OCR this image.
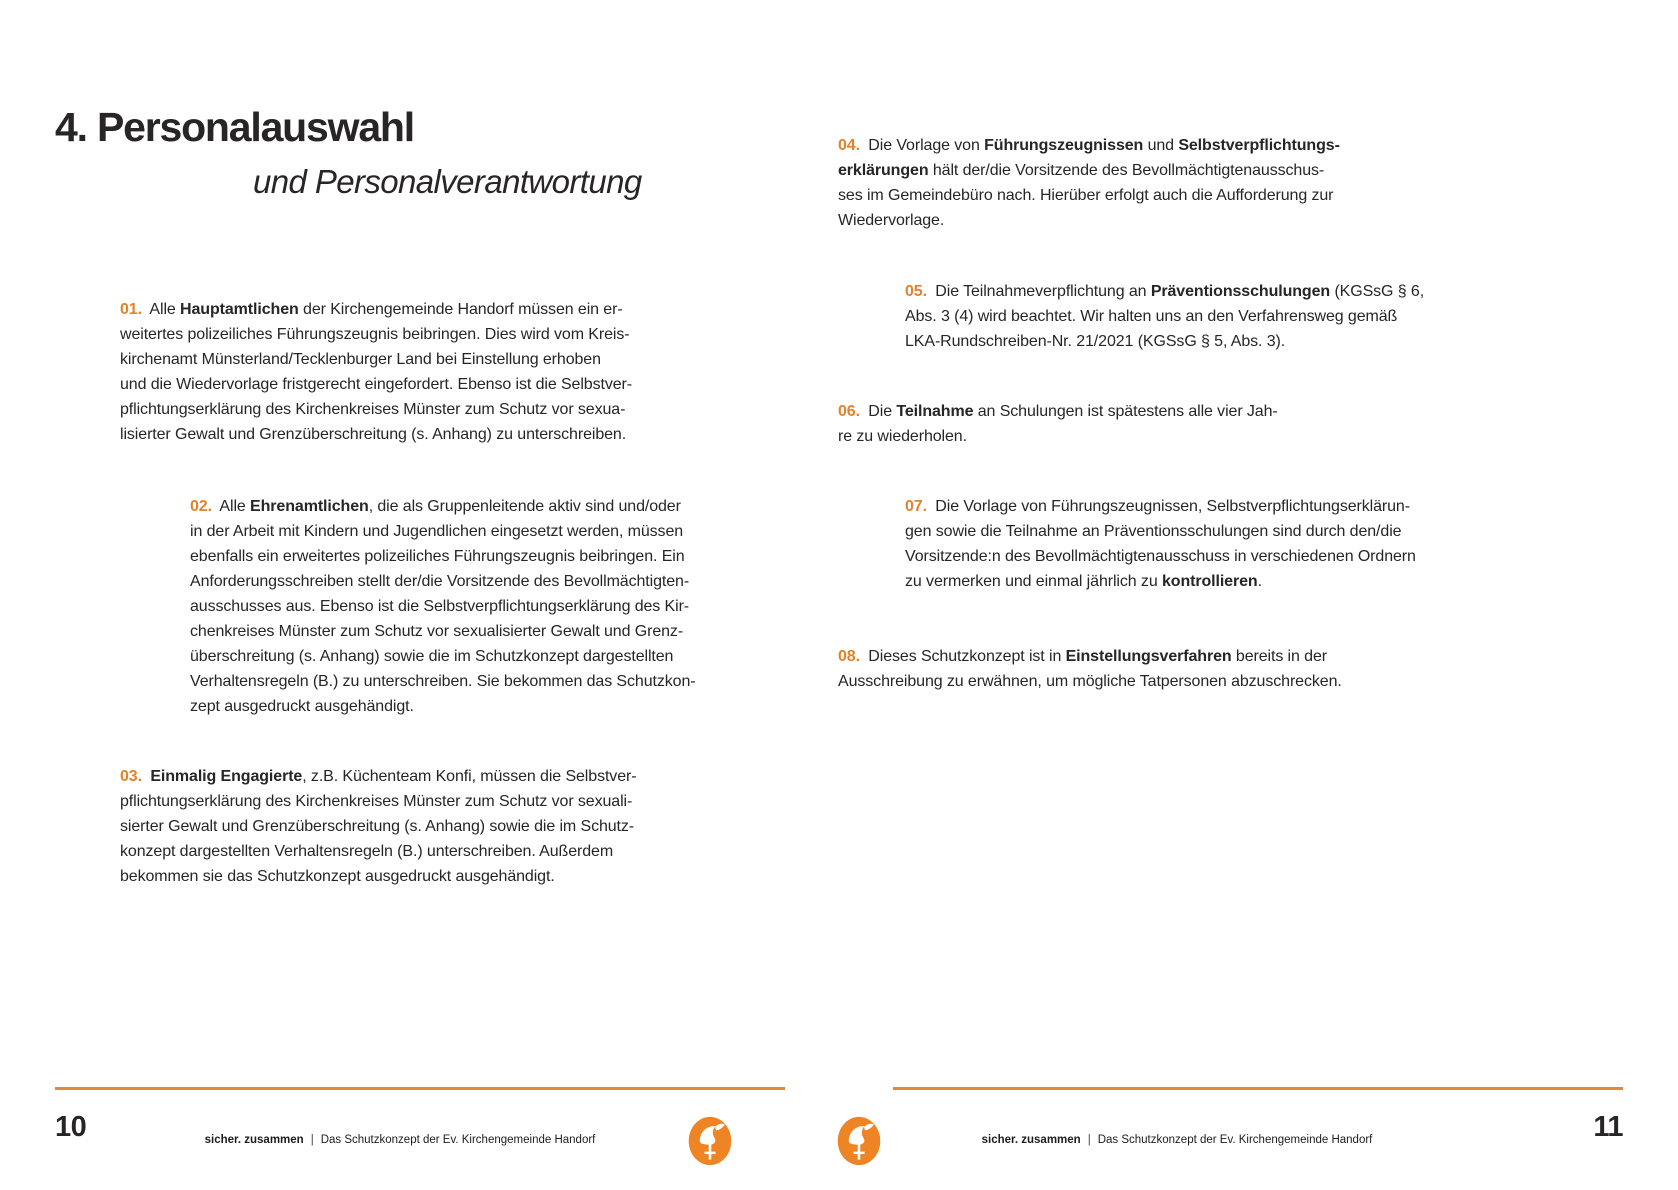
4. Personalauswahl
und Personalverantwortung
01. Alle Hauptamtlichen der Kirchengemeinde Handorf müssen ein er-
weitertes polizeiliches Führungszeugnis beibringen. Dies wird vom Kreis-
kirchenamt Münsterland/Tecklenburger Land bei Einstellung erhoben
und die Wiedervorlage fristgerecht eingefordert. Ebenso ist die Selbstver-
pflichtungserklärung des Kirchenkreises Münster zum Schutz vor sexua-
lisierter Gewalt und Grenzüberschreitung (s. Anhang) zu unterschreiben.
02. Alle Ehrenamtlichen, die als Gruppenleitende aktiv sind und/oder
in der Arbeit mit Kindern und Jugendlichen eingesetzt werden, müssen
ebenfalls ein erweitertes polizeiliches Führungszeugnis beibringen. Ein
Anforderungsschreiben stellt der/die Vorsitzende des Bevollmächtigten-
ausschusses aus. Ebenso ist die Selbstverpflichtungserklärung des Kir-
chenkreises Münster zum Schutz vor sexualisierter Gewalt und Grenz-
überschreitung (s. Anhang) sowie die im Schutzkonzept dargestellten
Verhaltensregeln (B.) zu unterschreiben. Sie bekommen das Schutzkon-
zept ausgedruckt ausgehändigt.
03. Einmalig Engagierte, z.B. Küchenteam Konfi, müssen die Selbstver-
pflichtungserklärung des Kirchenkreises Münster zum Schutz vor sexuali-
sierter Gewalt und Grenzüberschreitung (s. Anhang) sowie die im Schutz-
konzept dargestellten Verhaltensregeln (B.) unterschreiben. Außerdem
bekommen sie das Schutzkonzept ausgedruckt ausgehändigt.
04. Die Vorlage von Führungszeugnissen und Selbstverpflichtungs-
erklärungen hält der/die Vorsitzende des Bevollmächtigtenausschus-
ses im Gemeindebüro nach. Hierüber erfolgt auch die Aufforderung zur
Wiedervorlage.
05. Die Teilnahmeverpflichtung an Präventionsschulungen (KGSsG § 6,
Abs. 3 (4) wird beachtet. Wir halten uns an den Verfahrensweg gemäß
LKA-Rundschreiben-Nr. 21/2021 (KGSsG § 5, Abs. 3).
06. Die Teilnahme an Schulungen ist spätestens alle vier Jah-
re zu wiederholen.
07. Die Vorlage von Führungszeugnissen, Selbstverpflichtungserklärun-
gen sowie die Teilnahme an Präventionsschulungen sind durch den/die
Vorsitzende:n des Bevollmächtigtenausschuss in verschiedenen Ordnern
zu vermerken und einmal jährlich zu kontrollieren.
08. Dieses Schutzkonzept ist in Einstellungsverfahren bereits in der
Ausschreibung zu erwähnen, um mögliche Tatpersonen abzuschrecken.
10	sicher. zusammen | Das Schutzkonzept der Ev. Kirchengemeinde Handorf	sicher. zusammen | Das Schutzkonzept der Ev. Kirchengemeinde Handorf	11
